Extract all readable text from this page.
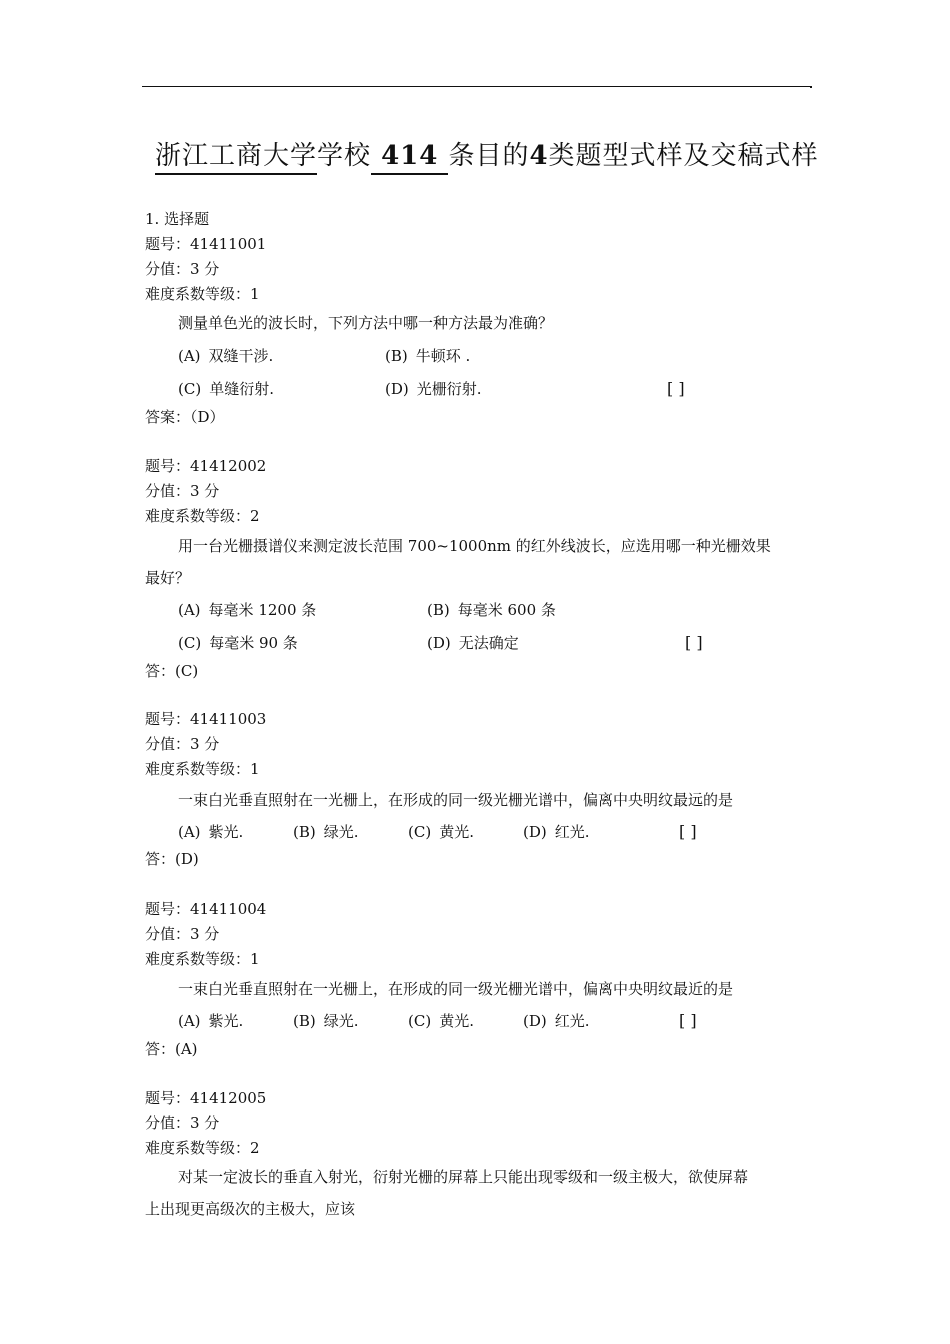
浙江工商大学学校 414 条目的4类题型式样及交稿式样
1. 选择题
题号：41411001
分值：3 分
难度系数等级：1
测量单色光的波长时，下列方法中哪一种方法最为准确？
(A) 双缝干涉.	(B) 牛顿环 .
(C) 单缝衍射.	(D) 光栅衍射.	[ ]
答案：（D）
题号：41412002
分值：3 分
难度系数等级：2
用一台光栅摄谱仪来测定波长范围 700~1000nm 的红外线波长，应选用哪一种光栅效果
最好？
(A) 每毫米 1200 条	(B) 每毫米 600 条
(C) 每毫米 90 条	(D) 无法确定	[ ]
答：(C)
题号：41411003
分值：3 分
难度系数等级：1
一束白光垂直照射在一光栅上，在形成的同一级光栅光谱中，偏离中央明纹最远的是
(A) 紫光.	(B) 绿光.	(C) 黄光.	(D) 红光.	[ ]
答：(D)
题号：41411004
分值：3 分
难度系数等级：1
一束白光垂直照射在一光栅上，在形成的同一级光栅光谱中，偏离中央明纹最近的是
(A) 紫光.	(B) 绿光.	(C) 黄光.	(D) 红光.	[ ]
答：(A)
题号：41412005
分值：3 分
难度系数等级：2
对某一定波长的垂直入射光，衍射光栅的屏幕上只能出现零级和一级主极大，欲使屏幕
上出现更高级次的主极大，应该
